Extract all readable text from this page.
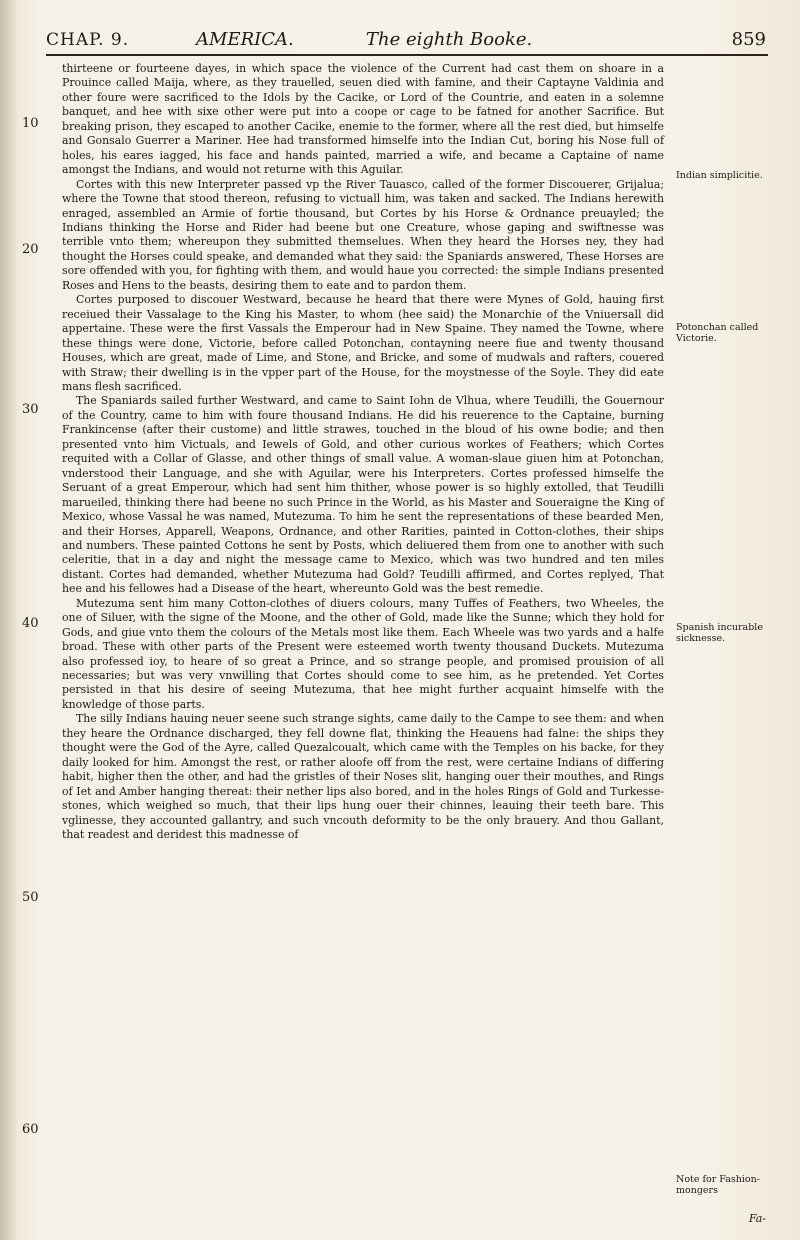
CHAP. 9.	AMERICA.	The eighth Booke.	859
10
20
30
40
50
60

thirteene or fourteene dayes, in which space the violence of the Current had cast them on shoare in a Prouince called Maija, where, as they trauelled, seuen died with famine, and their Captayne Valdinia and other foure were sacrificed to the Idols by the Cacike, or Lord of the Countrie, and eaten in a solemne banquet, and hee with sixe other were put into a coope or cage to be fatned for another Sacrifice. But breaking prison, they escaped to another Cacike, enemie to the former, where all the rest died, but himselfe and Gonsalo Guerrer a Mariner. Hee had transformed himselfe into the Indian Cut, boring his Nose full of holes, his eares iagged, his face and hands painted, married a wife, and became a Captaine of name amongst the Indians, and would not returne with this Aguilar.

Cortes with this new Interpreter passed vp the River Tauasco, called of the former Discouerer, Grijalua; where the Towne that stood thereon, refusing to victuall him, was taken and sacked. The Indians herewith enraged, assembled an Armie of fortie thousand, but Cortes by his Horse & Ordnance preuayled; the Indians thinking the Horse and Rider had beene but one Creature, whose gaping and swiftnesse was terrible vnto them; whereupon they submitted themselues. When they heard the Horses ney, they had thought the Horses could speake, and demanded what they said: the Spaniards answered, These Horses are sore offended with you, for fighting with them, and would haue you corrected: the simple Indians presented Roses and Hens to the beasts, desiring them to eate and to pardon them.

Cortes purposed to discouer Westward, because he heard that there were Mynes of Gold, hauing first receiued their Vassalage to the King his Master, to whom (hee said) the Monarchie of the Vniuersall did appertaine. These were the first Vassals the Emperour had in New Spaine. They named the Towne, where these things were done, Victorie, before called Potonchan, contayning neere fiue and twenty thousand Houses, which are great, made of Lime, and Stone, and Bricke, and some of mudwals and rafters, couered with Straw; their dwelling is in the vpper part of the House, for the moystnesse of the Soyle. They did eate mans flesh sacrificed.

The Spaniards sailed further Westward, and came to Saint Iohn de Vlhua, where Teudilli, the Gouernour of the Country, came to him with foure thousand Indians. He did his reuerence to the Captaine, burning Frankincense (after their custome) and little strawes, touched in the bloud of his owne bodie; and then presented vnto him Victuals, and Iewels of Gold, and other curious workes of Feathers; which Cortes requited with a Collar of Glasse, and other things of small value. A woman-slaue giuen him at Potonchan, vnderstood their Language, and she with Aguilar, were his Interpreters. Cortes professed himselfe the Seruant of a great Emperour, which had sent him thither, whose power is so highly extolled, that Teudilli marueiled, thinking there had beene no such Prince in the World, as his Master and Soueraigne the King of Mexico, whose Vassal he was named, Mutezuma. To him he sent the representations of these bearded Men, and their Horses, Apparell, Weapons, Ordnance, and other Rarities, painted in Cotton-clothes, their ships and numbers. These painted Cottons he sent by Posts, which deliuered them from one to another with such celeritie, that in a day and night the message came to Mexico, which was two hundred and ten miles distant. Cortes had demanded, whether Mutezuma had Gold? Teudilli affirmed, and Cortes replyed, That hee and his fellowes had a Disease of the heart, whereunto Gold was the best remedie.

Mutezuma sent him many Cotton-clothes of diuers colours, many Tuffes of Feathers, two Wheeles, the one of Siluer, with the signe of the Moone, and the other of Gold, made like the Sunne; which they hold for Gods, and giue vnto them the colours of the Metals most like them. Each Wheele was two yards and a halfe broad. These with other parts of the Present were esteemed worth twenty thousand Duckets. Mutezuma also professed ioy, to heare of so great a Prince, and so strange people, and promised prouision of all necessaries; but was very vnwilling that Cortes should come to see him, as he pretended. Yet Cortes persisted in that his desire of seeing Mutezuma, that hee might further acquaint himselfe with the knowledge of those parts.

The silly Indians hauing neuer seene such strange sights, came daily to the Campe to see them: and when they heare the Ordnance discharged, they fell downe flat, thinking the Heauens had falne: the ships they thought were the God of the Ayre, called Quezalcoualt, which came with the Temples on his backe, for they daily looked for him. Amongst the rest, or rather aloofe off from the rest, were certaine Indians of differing habit, higher then the other, and had the gristles of their Noses slit, hanging ouer their mouthes, and Rings of Iet and Amber hanging thereat: their nether lips also bored, and in the holes Rings of Gold and Turkesse-stones, which weighed so much, that their lips hung ouer their chinnes, leauing their teeth bare. This vglinesse, they accounted gallantry, and such vncouth deformity to be the only brauery. And thou Gallant, that readest and deridest this madnesse of

Indian simplicitie.
Potonchan called Victorie.
Spanish incurable sicknesse.
Note for Fashion-mongers
Fa-
